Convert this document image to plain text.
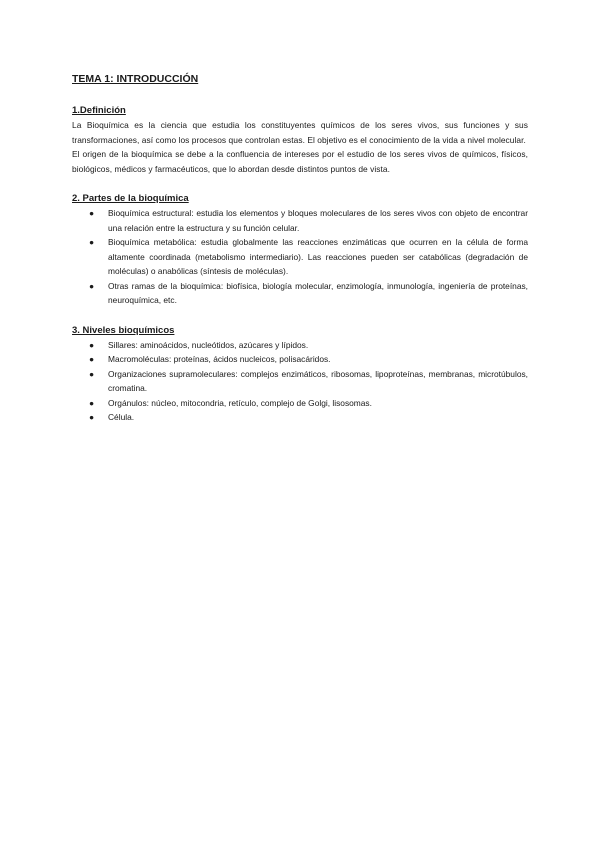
TEMA 1: INTRODUCCIÓN
1.Definición

La Bioquímica es la ciencia que estudia los constituyentes químicos de los seres vivos, sus funciones y sus transformaciones, así como los procesos que controlan estas. El objetivo es el conocimiento de la vida a nivel molecular.

El origen de la bioquímica se debe a la confluencia de intereses por el estudio de los seres vivos de químicos, físicos, biológicos, médicos y farmacéuticos, que lo abordan desde distintos puntos de vista.

2. Partes de la bioquímica
● Bioquímica estructural: estudia los elementos y bloques moleculares de los seres vivos con objeto de encontrar una relación entre la estructura y su función celular.
● Bioquímica metabólica: estudia globalmente las reacciones enzimáticas que ocurren en la célula de forma altamente coordinada (metabolismo intermediario). Las reacciones pueden ser catabólicas (degradación de moléculas) o anabólicas (síntesis de moléculas).
● Otras ramas de la bioquímica: biofísica, biología molecular, enzimología, inmunología, ingeniería de proteínas, neuroquímica, etc.
3. Niveles bioquímicos
● Sillares: aminoácidos, nucleótidos, azúcares y lípidos.
● Macromoléculas: proteínas, ácidos nucleicos, polisacáridos.
● Organizaciones supramoleculares: complejos enzimáticos, ribosomas, lipoproteínas, membranas, microtúbulos, cromatina.
● Orgánulos: núcleo, mitocondria, retículo, complejo de Golgi, lisosomas.
● Célula.
